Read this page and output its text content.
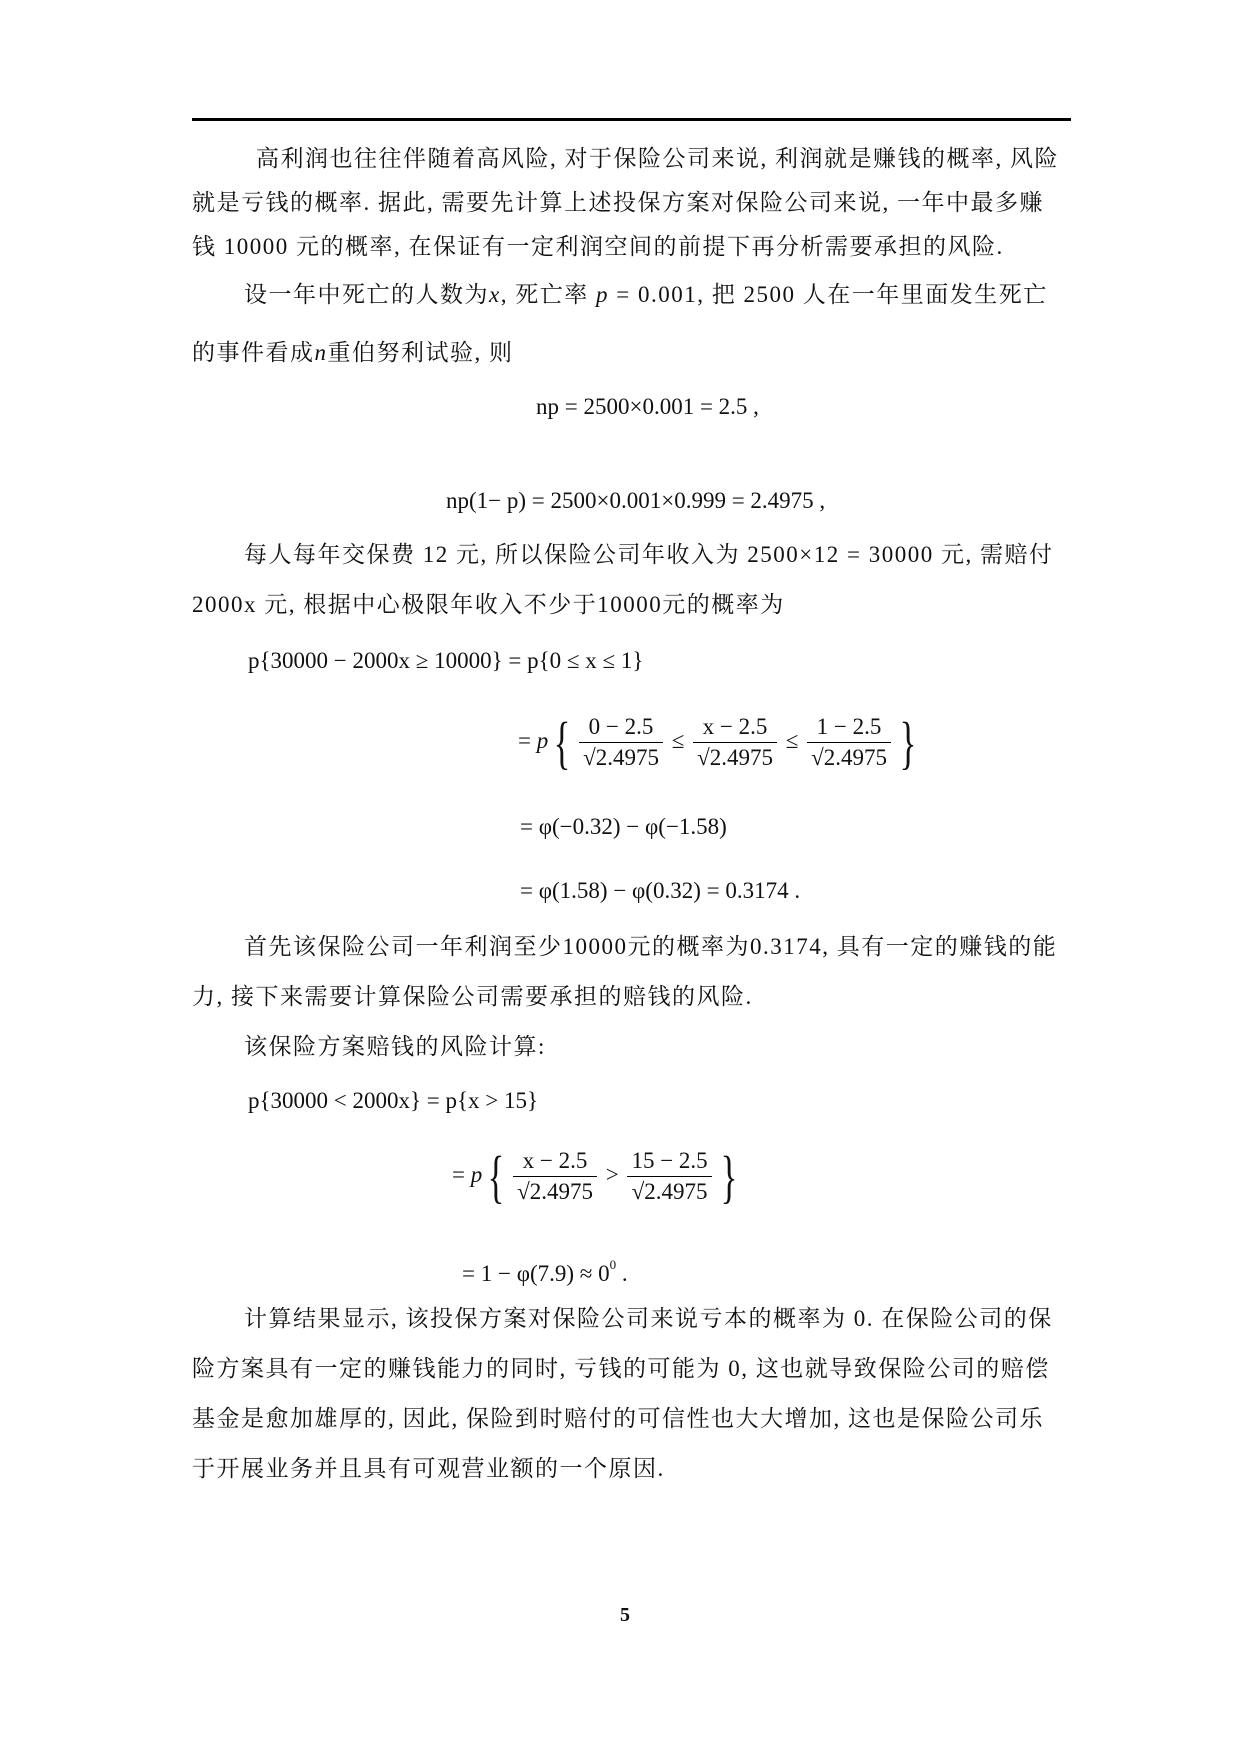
高利润也往往伴随着高风险, 对于保险公司来说, 利润就是赚钱的概率, 风险
就是亏钱的概率. 据此, 需要先计算上述投保方案对保险公司来说, 一年中最多赚
钱 10000 元的概率, 在保证有一定利润空间的前提下再分析需要承担的风险.
设一年中死亡的人数为x, 死亡率 p = 0.001, 把 2500 人在一年里面发生死亡
的事件看成n重伯努利试验, 则
np = 2500×0.001 = 2.5 ,
np(1− p) = 2500×0.001×0.999 = 2.4975 ,
每人每年交保费 12 元, 所以保险公司年收入为 2500×12 = 30000 元, 需赔付
2000x 元, 根据中心极限年收入不少于10000元的概率为
p{30000 − 2000x ≥ 10000} = p{0 ≤ x ≤ 1}
= $p\{ \frac{0 - 2.5}{√2.4975} \le \frac{x - 2.5}{√2.4975} \le \frac{1 - 2.5}{√2.4975}$ }
= φ(−0.32) − φ(−1.58)
= φ(1.58) − φ(0.32) = 0.3174 .
首先该保险公司一年利润至少10000元的概率为0.3174, 具有一定的赚钱的能
力, 接下来需要计算保险公司需要承担的赔钱的风险.
该保险方案赔钱的风险计算:
p{30000 < 2000x} = p{x > 15}
= $p\{ \frac{x - 2.5}{√2.4975} > \frac{15 - 2.5}{√2.4975}$ }
= $1 - \varphi(7.9) \approx 0^0$ .
计算结果显示, 该投保方案对保险公司来说亏本的概率为 0. 在保险公司的保
险方案具有一定的赚钱能力的同时, 亏钱的可能为 0, 这也就导致保险公司的赔偿
基金是愈加雄厚的, 因此, 保险到时赔付的可信性也大大增加, 这也是保险公司乐
于开展业务并且具有可观营业额的一个原因.
5
